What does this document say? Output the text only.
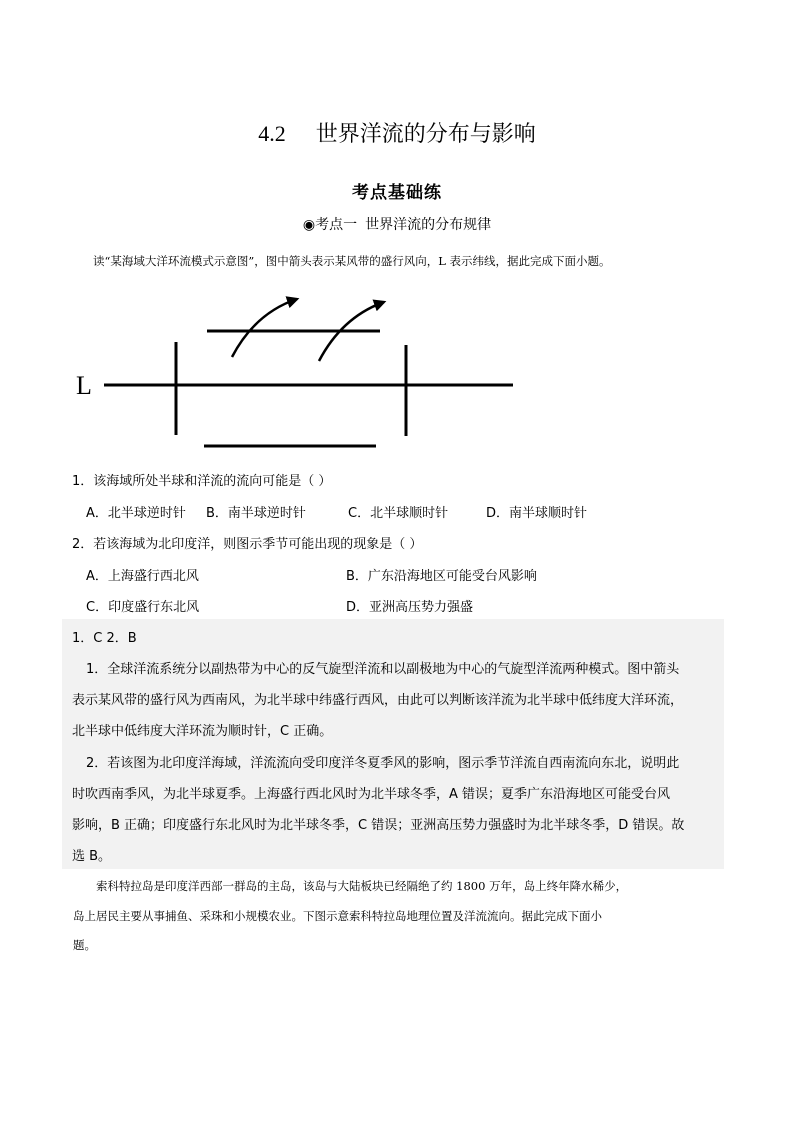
4.2 世界洋流的分布与影响
考点基础练
◉考点一 世界洋流的分布规律
读“某海域大洋环流模式示意图”，图中箭头表示某风带的盛行风向，L 表示纬线，据此完成下面小题。
L
1．该海域所处半球和洋流的流向可能是（ ）
A．北半球逆时针 B．南半球逆时针	C．北半球顺时针	D．南半球顺时针
2．若该海域为北印度洋，则图示季节可能出现的现象是（ ）
A．上海盛行西北风	B．广东沿海地区可能受台风影响
C．印度盛行东北风	D．亚洲高压势力强盛
1．C 2．B
1．全球洋流系统分以副热带为中心的反气旋型洋流和以副极地为中心的气旋型洋流两种模式。图中箭头
表示某风带的盛行风为西南风，为北半球中纬盛行西风，由此可以判断该洋流为北半球中低纬度大洋环流，
北半球中低纬度大洋环流为顺时针，C 正确。
2．若该图为北印度洋海域，洋流流向受印度洋冬夏季风的影响，图示季节洋流自西南流向东北，说明此
时吹西南季风，为北半球夏季。上海盛行西北风时为北半球冬季，A 错误；夏季广东沿海地区可能受台风
影响，B 正确；印度盛行东北风时为北半球冬季，C 错误；亚洲高压势力强盛时为北半球冬季，D 错误。故
选 B。
索科特拉岛是印度洋西部一群岛的主岛，该岛与大陆板块已经隔绝了约 1800 万年，岛上终年降水稀少，
岛上居民主要从事捕鱼、采珠和小规模农业。下图示意索科特拉岛地理位置及洋流流向。据此完成下面小
题。
